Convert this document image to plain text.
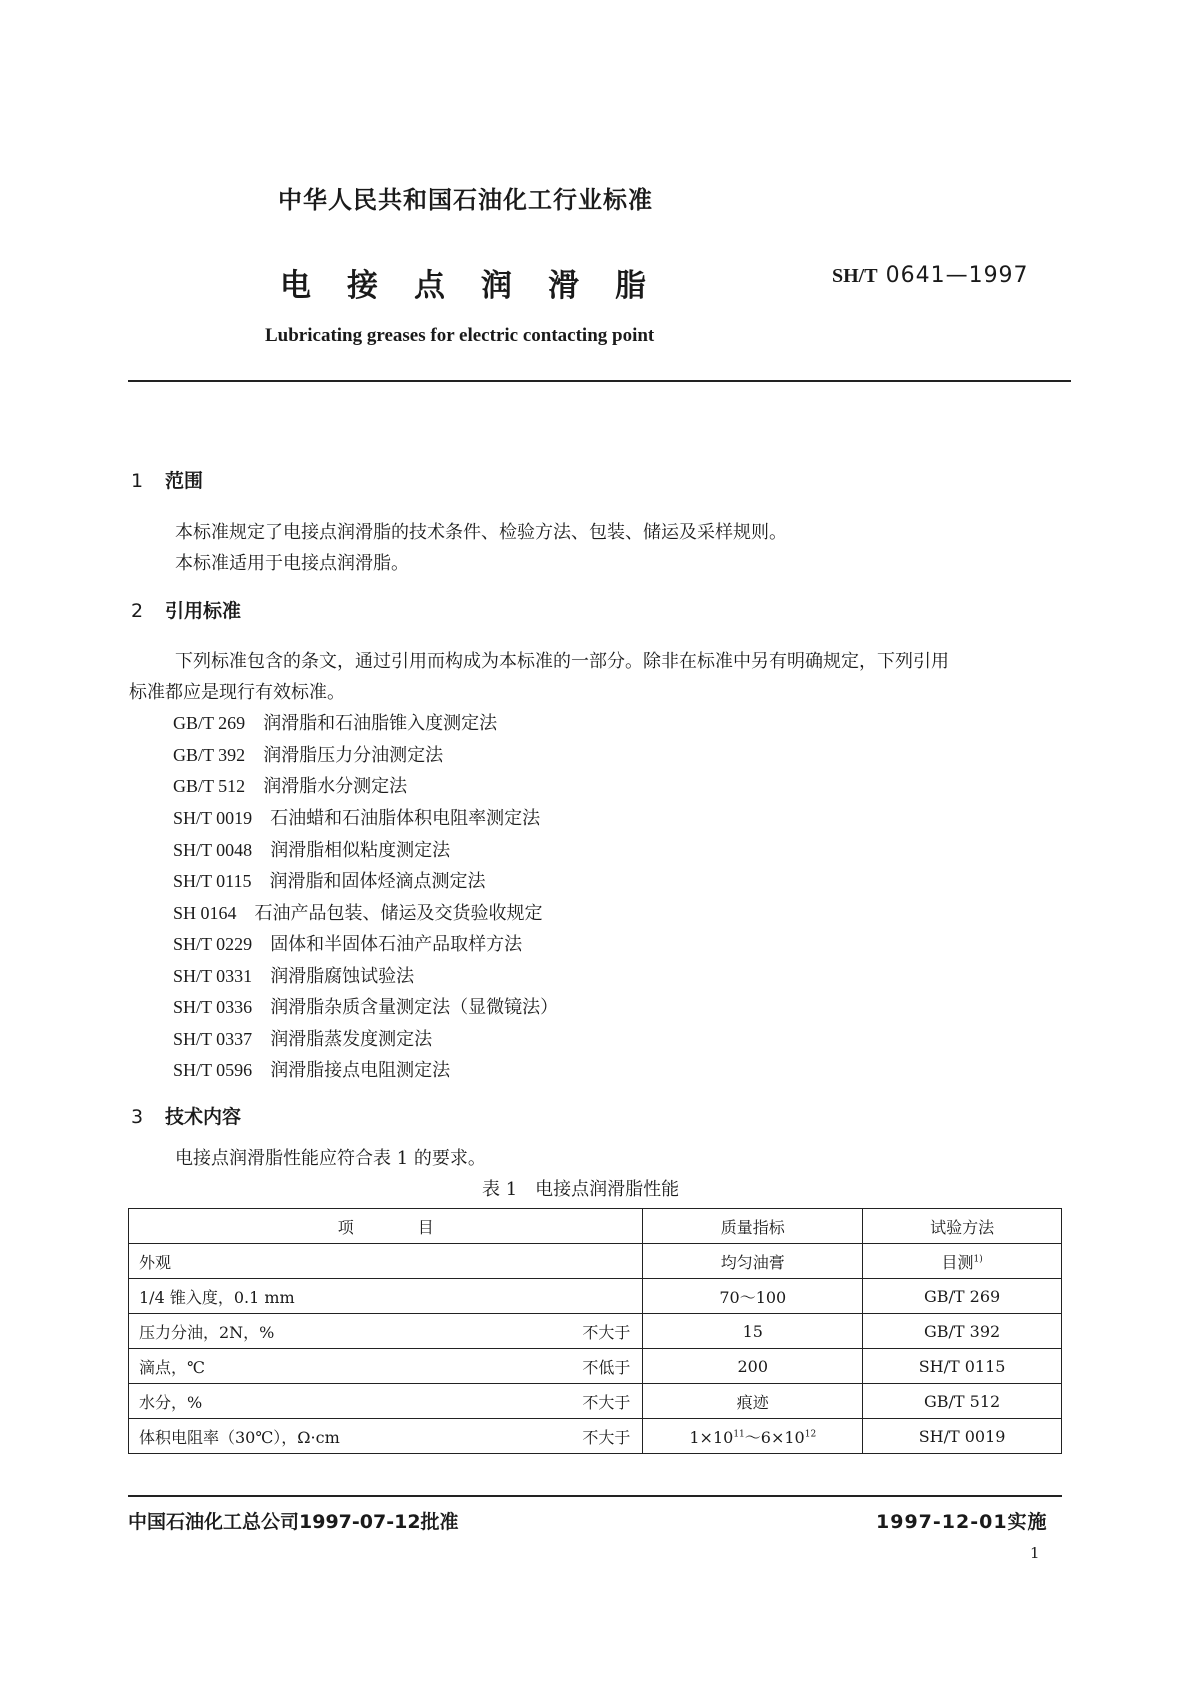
中华人民共和国石油化工行业标准
电接点润滑脂	SH/T 0641—1997
Lubricating greases for electric contacting point
1 范围
本标准规定了电接点润滑脂的技术条件、检验方法、包装、储运及采样规则。
本标准适用于电接点润滑脂。
2 引用标准
下列标准包含的条文，通过引用而构成为本标准的一部分。除非在标准中另有明确规定，下列引用
标准都应是现行有效标准。
GB/T 269 润滑脂和石油脂锥入度测定法
GB/T 392 润滑脂压力分油测定法
GB/T 512 润滑脂水分测定法
SH/T 0019 石油蜡和石油脂体积电阻率测定法
SH/T 0048 润滑脂相似粘度测定法
SH/T 0115 润滑脂和固体烃滴点测定法
SH 0164 石油产品包装、储运及交货验收规定
SH/T 0229 固体和半固体石油产品取样方法
SH/T 0331 润滑脂腐蚀试验法
SH/T 0336 润滑脂杂质含量测定法（显微镜法）
SH/T 0337 润滑脂蒸发度测定法
SH/T 0596 润滑脂接点电阻测定法
3 技术内容
电接点润滑脂性能应符合表 1 的要求。
表 1　电接点润滑脂性能
项　　　　目	质量指标	试验方法
外观	均匀油膏	目测$^{1)}$
1/4 锥入度，0.1 mm	70～100	GB/T 269
压力分油，2N，% 不大于	15	GB/T 392
滴点，℃ 不低于	200	SH/T 0115
水分，% 不大于	痕迹	GB/T 512
体积电阻率（30℃），Ω·cm 不大于	$1\times 10^{11}\sim 6\times 10^{12}$	SH/T 0019
中国石油化工总公司1997-07-12批准	1997-12-01实施
1
